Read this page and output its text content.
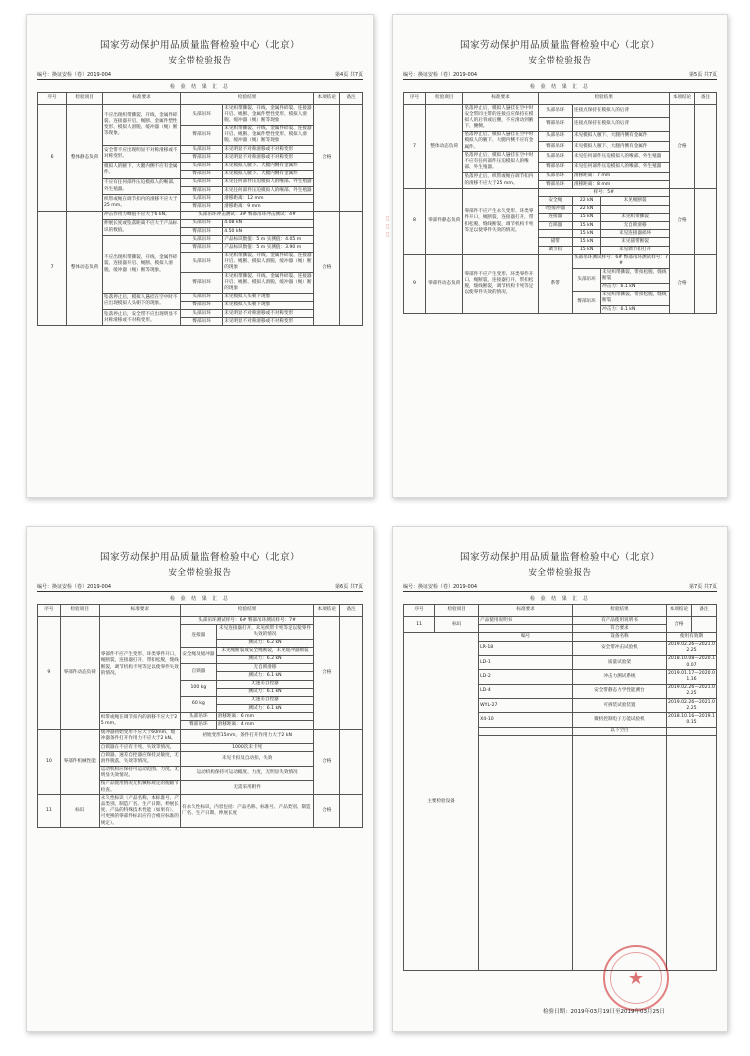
国家劳动保护用品质量监督检验中心（北京）
安全带检验报告
编号：换证安检（卷）2019-004	第4页 共7页
检 验 结 果 汇 总
序号	检验项目	标准要求	检验结果		本项结论	备注
6	整体静态负荷	不应出现织带撕裂、开线、金属件碎裂、连接器开启、绳断、金属件塑性变形、模拟人滑脱、缓冲器（绳）断等现象。	头部吊环	未见织带撕裂、开线、金属件碎裂、连接器开启、绳断、金属件塑性变形、模拟人滑脱、缓冲器（绳）断等现象	合格	
			臀部吊环	未见织带撕裂、开线、金属件碎裂、连接器开启、绳断、金属件塑性变形、模拟人滑脱、缓冲器（绳）断等现象		
		安全带不应出现明显不对称滑移或不对称变形。	头部吊环	未见明显不对称滑移或不对称变形		
			臀部吊环	未见明显不对称滑移或不对称变形		
		模拟人的腋下、大腿内侧不应有金属件。	头部吊环	未见模拟人腋下、大腿内侧有金属件		
			臀部吊环	未见模拟人腋下、大腿内侧有金属件		
		不应有任何部件压迫模拟人的喉部、外生殖器。	头部吊环	未见任何部件压迫模拟人的喉部、外生殖器		
			臀部吊环	未见任何部件压迫模拟人的喉部、外生殖器		
		织带或绳在调节扣内的滑移不应大于25 mm。	头部吊环	滑移距离：12 mm		
			臀部吊环	滑移距离：9 mm		
7	整体动态负荷	冲击作用力峰值不应大于6 kN。	头部吊环冲击测试：3# 臀部吊环冲击测试：4#		合格	
		伸展长度或坠落距离不应大于产品标识的数值。	头部吊环	4.08 kN		
			臀部吊环	4.50 kN		
		不应出现织带撕裂、开线、金属件碎裂、连接器开启、绳断、模拟人滑脱、缓冲器（绳）断等现象。	头部吊环	产品标识数值：5 m 实测值：4.05 m		
			臀部吊环	产品标识数值：5 m 实测值：3.90 m		
			头部吊环	未见织带撕裂、开线、金属件碎裂、连接器开启、绳断、模拟人滑脱、缓冲器（绳）断的现象		
			臀部吊环	未见织带撕裂、开线、金属件碎裂、连接器开启、绳断、模拟人滑脱、缓冲器（绳）断的现象		
		坠落停止后，模拟人悬挂在空中时不应出现模拟人头朝下的现象。	头部吊环	未见模拟人头朝下现象		
			臀部吊环	未见模拟人头朝下现象		
		坠落停止后，安全带不应出现明显不对称滑移或不对称变形。	头部吊环	未见明显不对称滑移或不对称变形		
			臀部吊环	未见明显不对称滑移或不对称变形		
▯▯▯
国家劳动保护用品质量监督检验中心（北京）
安全带检验报告
编号：换证安检（卷）2019-004	第5页 共7页
检 验 结 果 汇 总
序号	检验项目	标准要求	检验结果			本项结论	备注
7	整体动态负荷	坠落停止后，模拟人悬挂在空中时安全带同主带的连接点应保持在模拟人的后背或后腰，不应滑动到腋下、腰侧。	头部吊环	连接点保持在模拟人的后背		合格	
			臀部吊环	连接点保持在模拟人的后背			
		坠落停止后，模拟人悬挂在空中时模拟人的腋下、大腿内侧不应有金属件。	头部吊环	未见模拟人腋下、大腿内侧有金属件			
			臀部吊环	未见模拟人腋下、大腿内侧有金属件			
		坠落停止后，模拟人悬挂在空中时不应有任何部件压迫模拟人的喉部、外生殖器。	头部吊环	未见任何部件压迫模拟人的喉部、外生殖器			
			臀部吊环	未见任何部件压迫模拟人的喉部、外生殖器			
		坠落停止后，织带或绳在调节扣内的滑移不应大于25 mm。	头部吊环	滑移距离：7 mm			
			臀部吊环	滑移距离：8 mm			
8	零部件静态负荷	零部件不应产生永久变形、环类零件开口，绳断裂，连接器打开，带扣松脱，缝线断裂，调节机构卡死等足以使零件失效的情况。	样号：5#			合格	
			安全绳	22 kN	未见绳断裂		
			I型缓冲器	22 kN			
			连接器	15 kN	未见织带撕裂		
			自锁器	15 kN	无自锁滑移		
				15 kN	未见连接器损坏		
			锚带	15 kN	未见锚带断裂		
			调节扣	15 kN	未见调节扣打开		
9	零部件动态负荷	零部件不应产生变形、环类零件开口，绳断裂，连接器打开，带扣松脱，缝线断裂，调节机构卡死等足以使零件失效的情况。	系带	头部吊环测试样号：6# 臀部吊环测试样号：7#		合格	
				头部吊环	未见织带撕裂、带扣松脱、缝线断裂		
					冲击力：6.1 kN		
				臀部吊环	未见织带撕裂、带扣松脱、缝线断裂		
					冲击力：6.1 kN		
国家劳动保护用品质量监督检验中心（北京）
安全带检验报告
编号：换证安检（卷）2019-004	第6页 共7页
检 验 结 果 汇 总
序号	检验项目	标准要求	检验结果		本项结论	备注
9	零部件动态负荷	零部件不应产生变形、环类零件开口，绳断裂，连接器打开，带扣松脱，缝线断裂，调节机构卡死等足以使零件失效的情况。	头部吊环测试样号：6# 臀部吊环测试样号：7#		合格	
			连接器	未见连接器打开，未见织带卡死等足以使零件失效的情况		
				测试力：6.2 kN		
			安全绳及缓冲器	未见绳断裂或安全绳断裂，未见缓冲器断裂		
				测试力：6.2 kN		
			自锁器	无自锁滑移		
				测试力：6.1 kN		
			100 kg	无速差自控器		
				测试力：6.1 kN		
			60 kg	无速差自控器		
				测试力：6.1 kN		
		织带或绳在调节扣内的滑移不应大于25 mm。	头部吊环	滑移距离：6 mm		
			臀部吊环	滑移距离：4 mm		
10	零部件机械性能	缓冲器初始变形不应大于60mm，缓冲器条件打开作用力不应大于2 kN。	初始变形15mm，条件打开作用力大于2 kN		合格	
		自锁器在不应有卡死、失效等情况。	1000次未卡死			
		自锁器、速差自控器应保持灵敏度，无滑件脱落，失效等情况。	未见卡扣及自动扣，失效			
		运动机构应保持可运动范围、力度。无明显失效情况。	运动机构保持可运动幅度、力度，无明显失效情况			
		按产品使用情况无机械标规定的脱轴节检查。	无需采用附件			
11	标识	永久性标识（产品名称、本标准号、产品类别、制造厂名、生产日期、伸展长度、产品的特殊技术性能（如果有）、可更换的零部件标识应符合相应标准的规定）。	有永久性标识，内容包括：产品名称、标准号、产品类别、制造厂名、生产日期、伸展长度		合格	
国家劳动保护用品质量监督检验中心（北京）
安全带检验报告
编号：换证安检（卷）2019-004	第7页 共7页
检 验 结 果 汇 总
序号	检验项目	标准要求	检验结果	本项结论	备注
11	标识	产品使用说明书	有产品使用说明书	合格	
			符合要求		
主要检验设备		编号	设备名称	使用有效期	
		LR-18	安全带冲击试验机	2019.02.26—2021.02.25	
		LD-1	质量试验架	2018.10.08—2020.10.07	
		LD-2	冲击力测试系统	2019.01.17—2020.01.16	
		LD-4	安全带静态力学性能测台	2019.02.26—2021.02.25	
		WYL-27	可拆装试验装置	2019.02.26—2021.02.25	
		X4-10	微机控制电子万能试验机	2018.10.16—2019.10.15	
			以下空白		

★
检验日期：2019年03月19日至2019年03月25日
